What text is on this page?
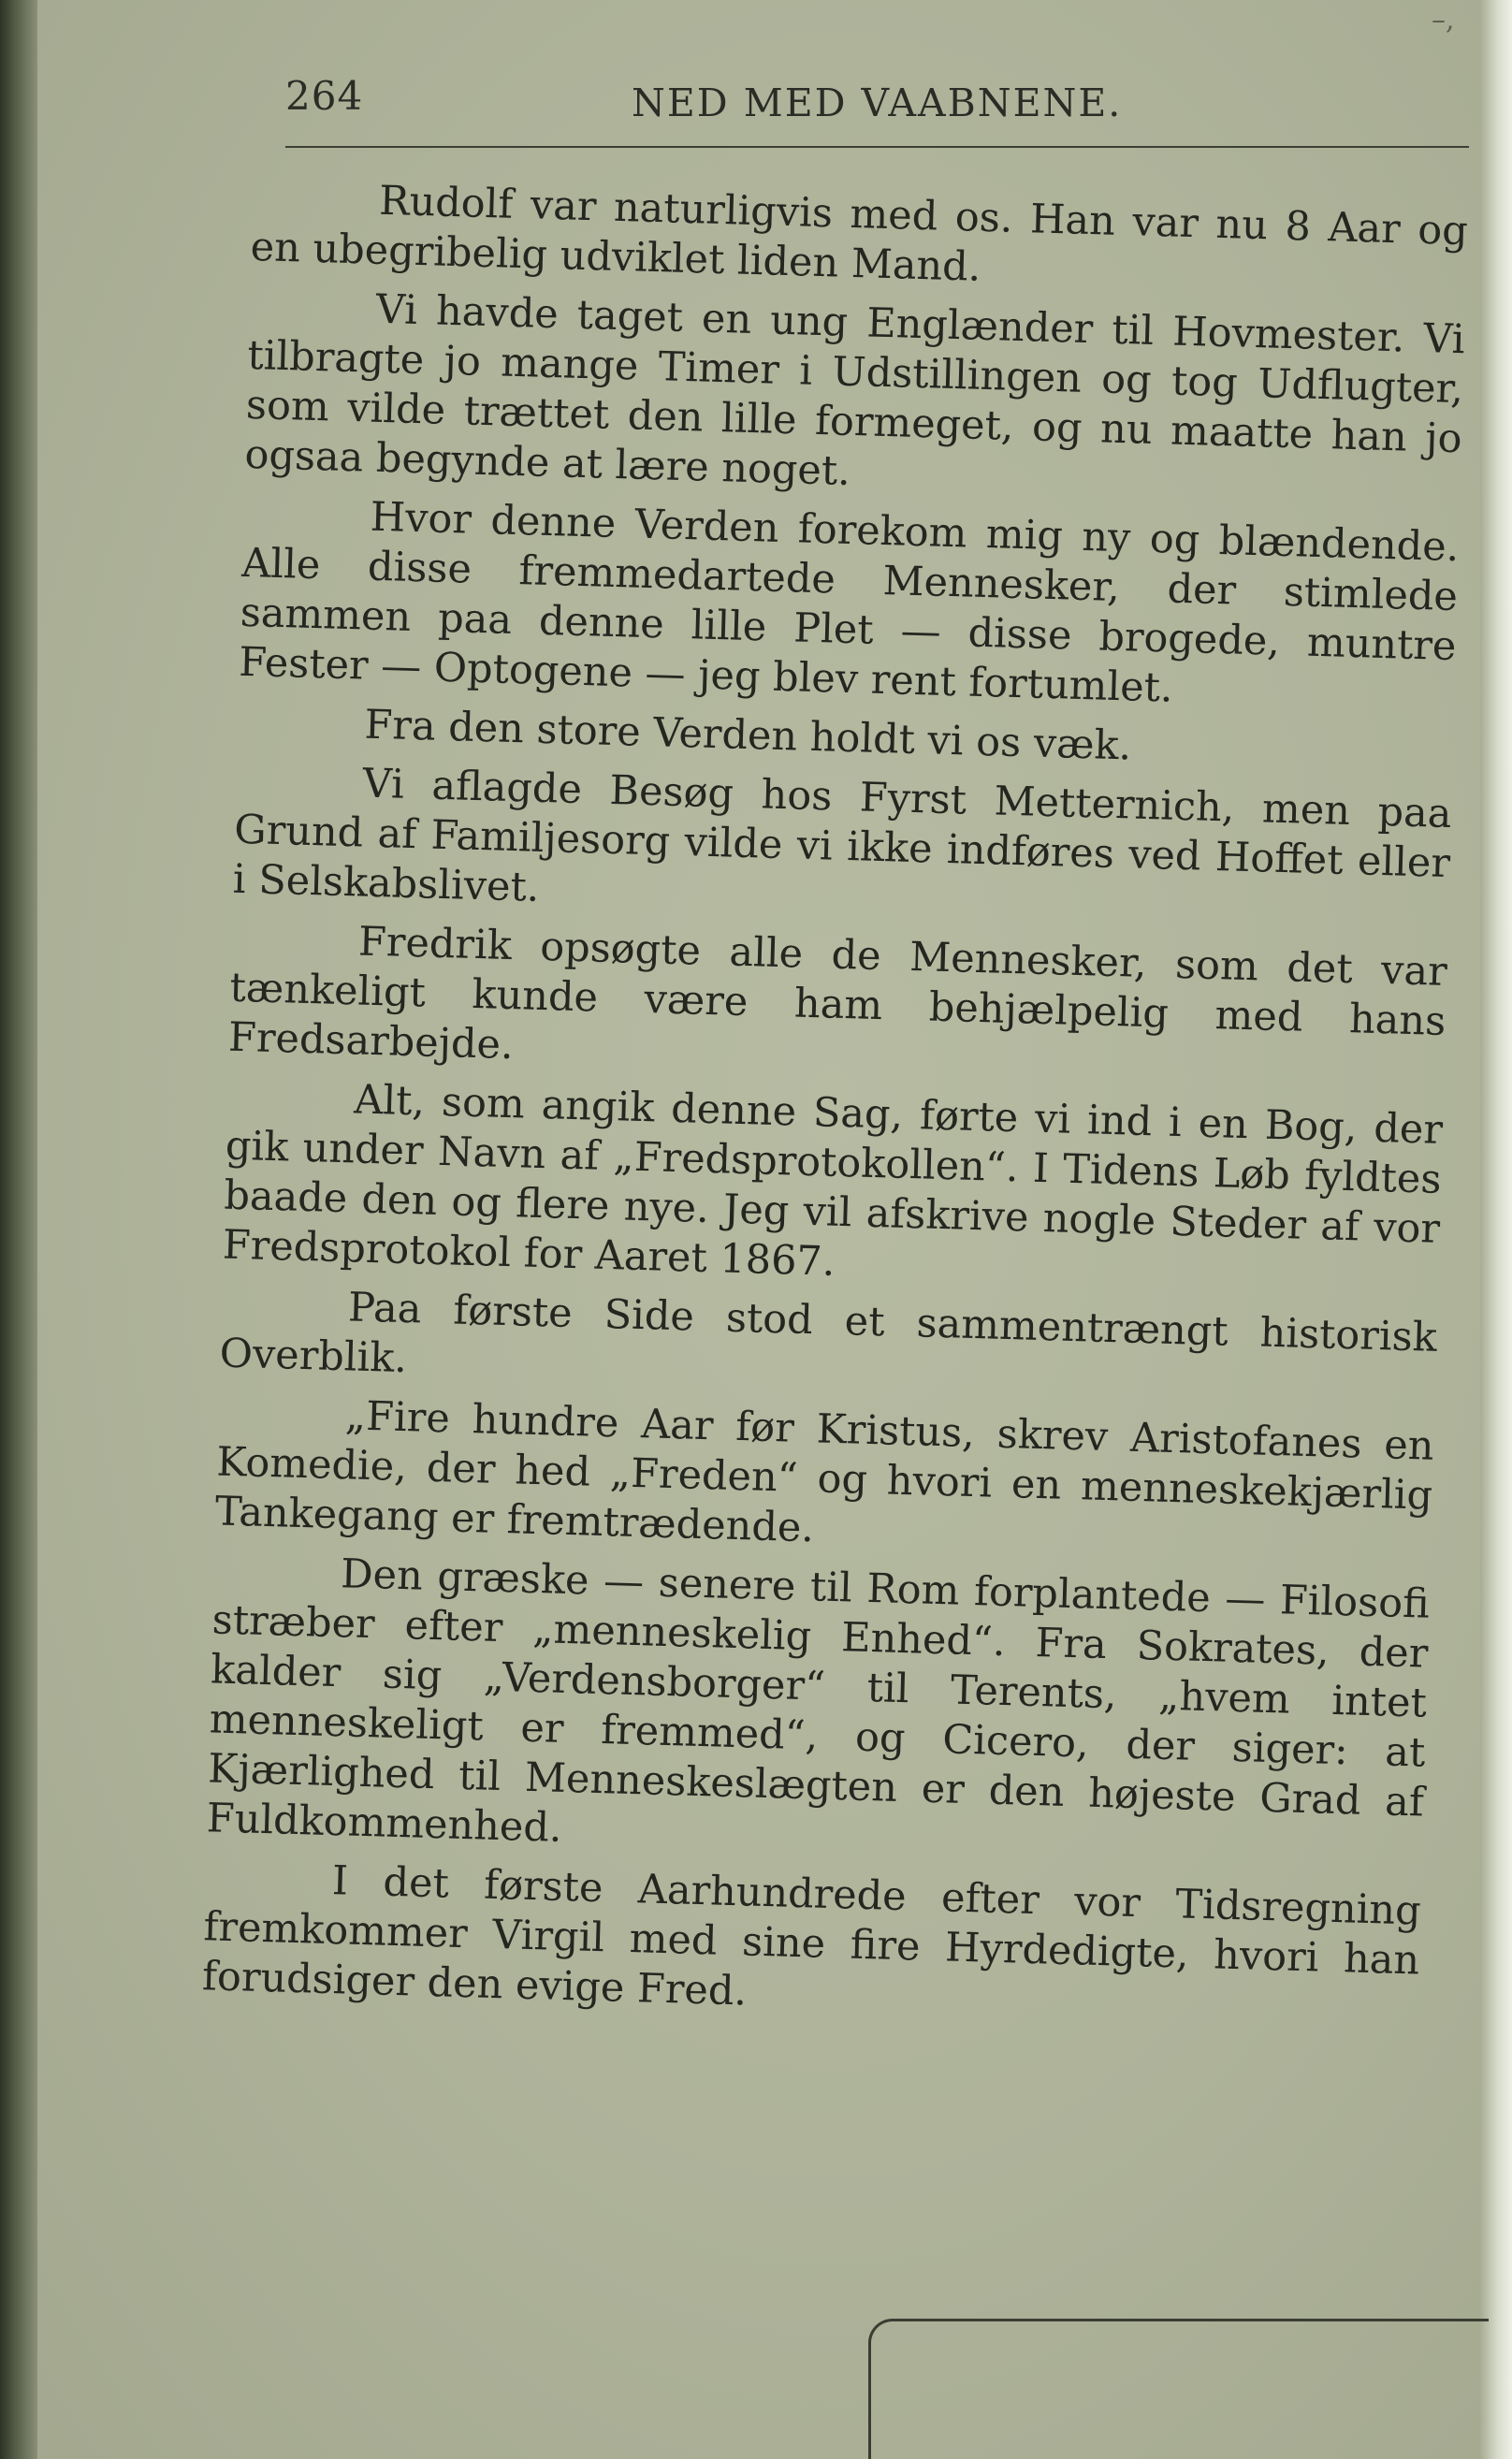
–,
264	NED MED VAABNENE.

Rudolf var naturligvis med os. Han var nu 8 Aar og en ubegribelig udviklet liden Mand.

Vi havde taget en ung Englænder til Hovmester. Vi tilbragte jo mange Timer i Udstillingen og tog Udflugter, som vilde trættet den lille formeget, og nu maatte han jo ogsaa begynde at lære noget.

Hvor denne Verden forekom mig ny og blændende. Alle disse fremmedartede Mennesker, der stimlede sammen paa denne lille Plet — disse brogede, muntre Fester — Optogene — jeg blev rent fortumlet.

Fra den store Verden holdt vi os væk.

Vi aflagde Besøg hos Fyrst Metternich, men paa Grund af Familjesorg vilde vi ikke indføres ved Hoffet eller i Selskabslivet.

Fredrik opsøgte alle de Mennesker, som det var tænkeligt kunde være ham behjælpelig med hans Fredsarbejde.

Alt, som angik denne Sag, førte vi ind i en Bog, der gik under Navn af „Fredsprotokollen“. I Tidens Løb fyldtes baade den og flere nye. Jeg vil afskrive nogle Steder af vor Fredsprotokol for Aaret 1867.

Paa første Side stod et sammentrængt historisk Overblik.

„Fire hundre Aar før Kristus, skrev Aristofanes en Komedie, der hed „Freden“ og hvori en menneskekjærlig Tankegang er fremtrædende.

Den græske — senere til Rom forplantede — Filosofi stræber efter „menneskelig Enhed“. Fra Sokrates, der kalder sig „Verdensborger“ til Terents, „hvem intet menneskeligt er fremmed“, og Cicero, der siger: at Kjærlighed til Menneskeslægten er den højeste Grad af Fuldkommenhed.

I det første Aarhundrede efter vor Tidsregning fremkommer Virgil med sine fire Hyrdedigte, hvori han forudsiger den evige Fred.
